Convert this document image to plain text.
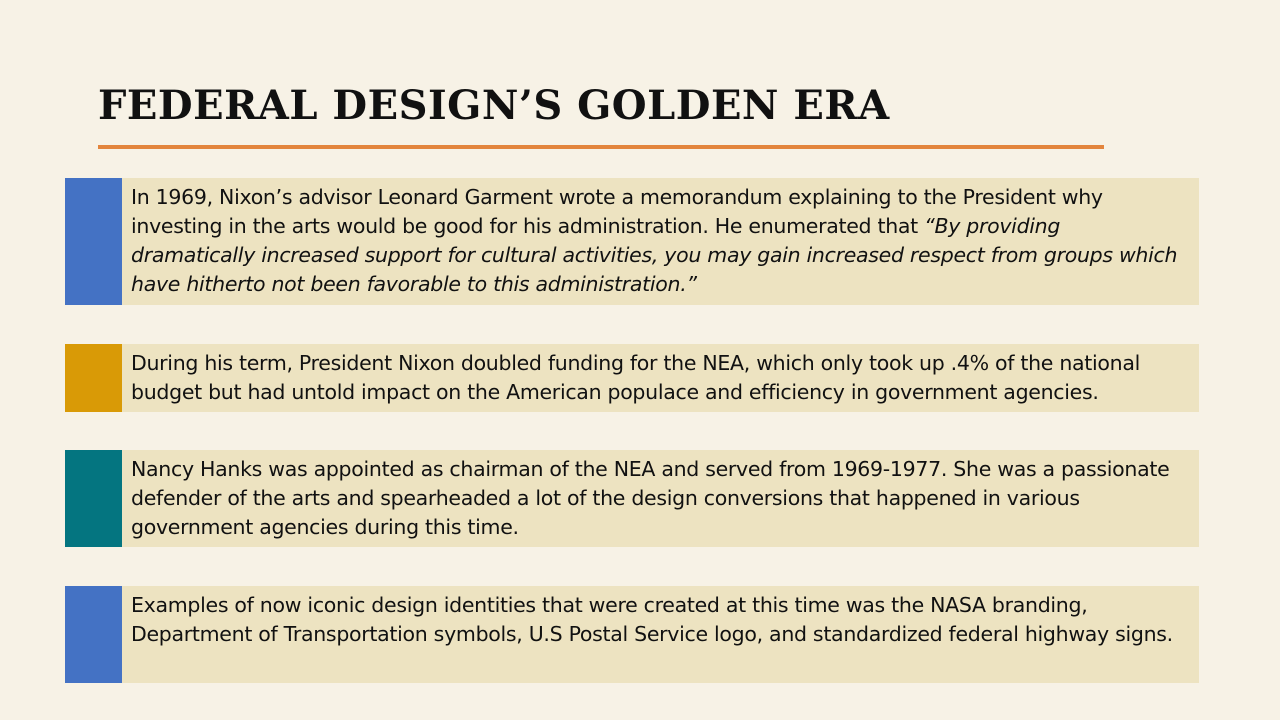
FEDERAL DESIGN’S GOLDEN ERA
In 1969, Nixon’s advisor Leonard Garment wrote a memorandum explaining to the President why investing in the arts would be good for his administration. He enumerated that “By providing dramatically increased support for cultural activities, you may gain increased respect from groups which have hitherto not been favorable to this administration.”
During his term, President Nixon doubled funding for the NEA, which only took up .4% of the national budget but had untold impact on the American populace and efficiency in government agencies.
Nancy Hanks was appointed as chairman of the NEA and served from 1969-1977. She was a passionate defender of the arts and spearheaded a lot of the design conversions that happened in various government agencies during this time.
Examples of now iconic design identities that were created at this time was the NASA branding, Department of Transportation symbols, U.S Postal Service logo, and standardized federal highway signs.
